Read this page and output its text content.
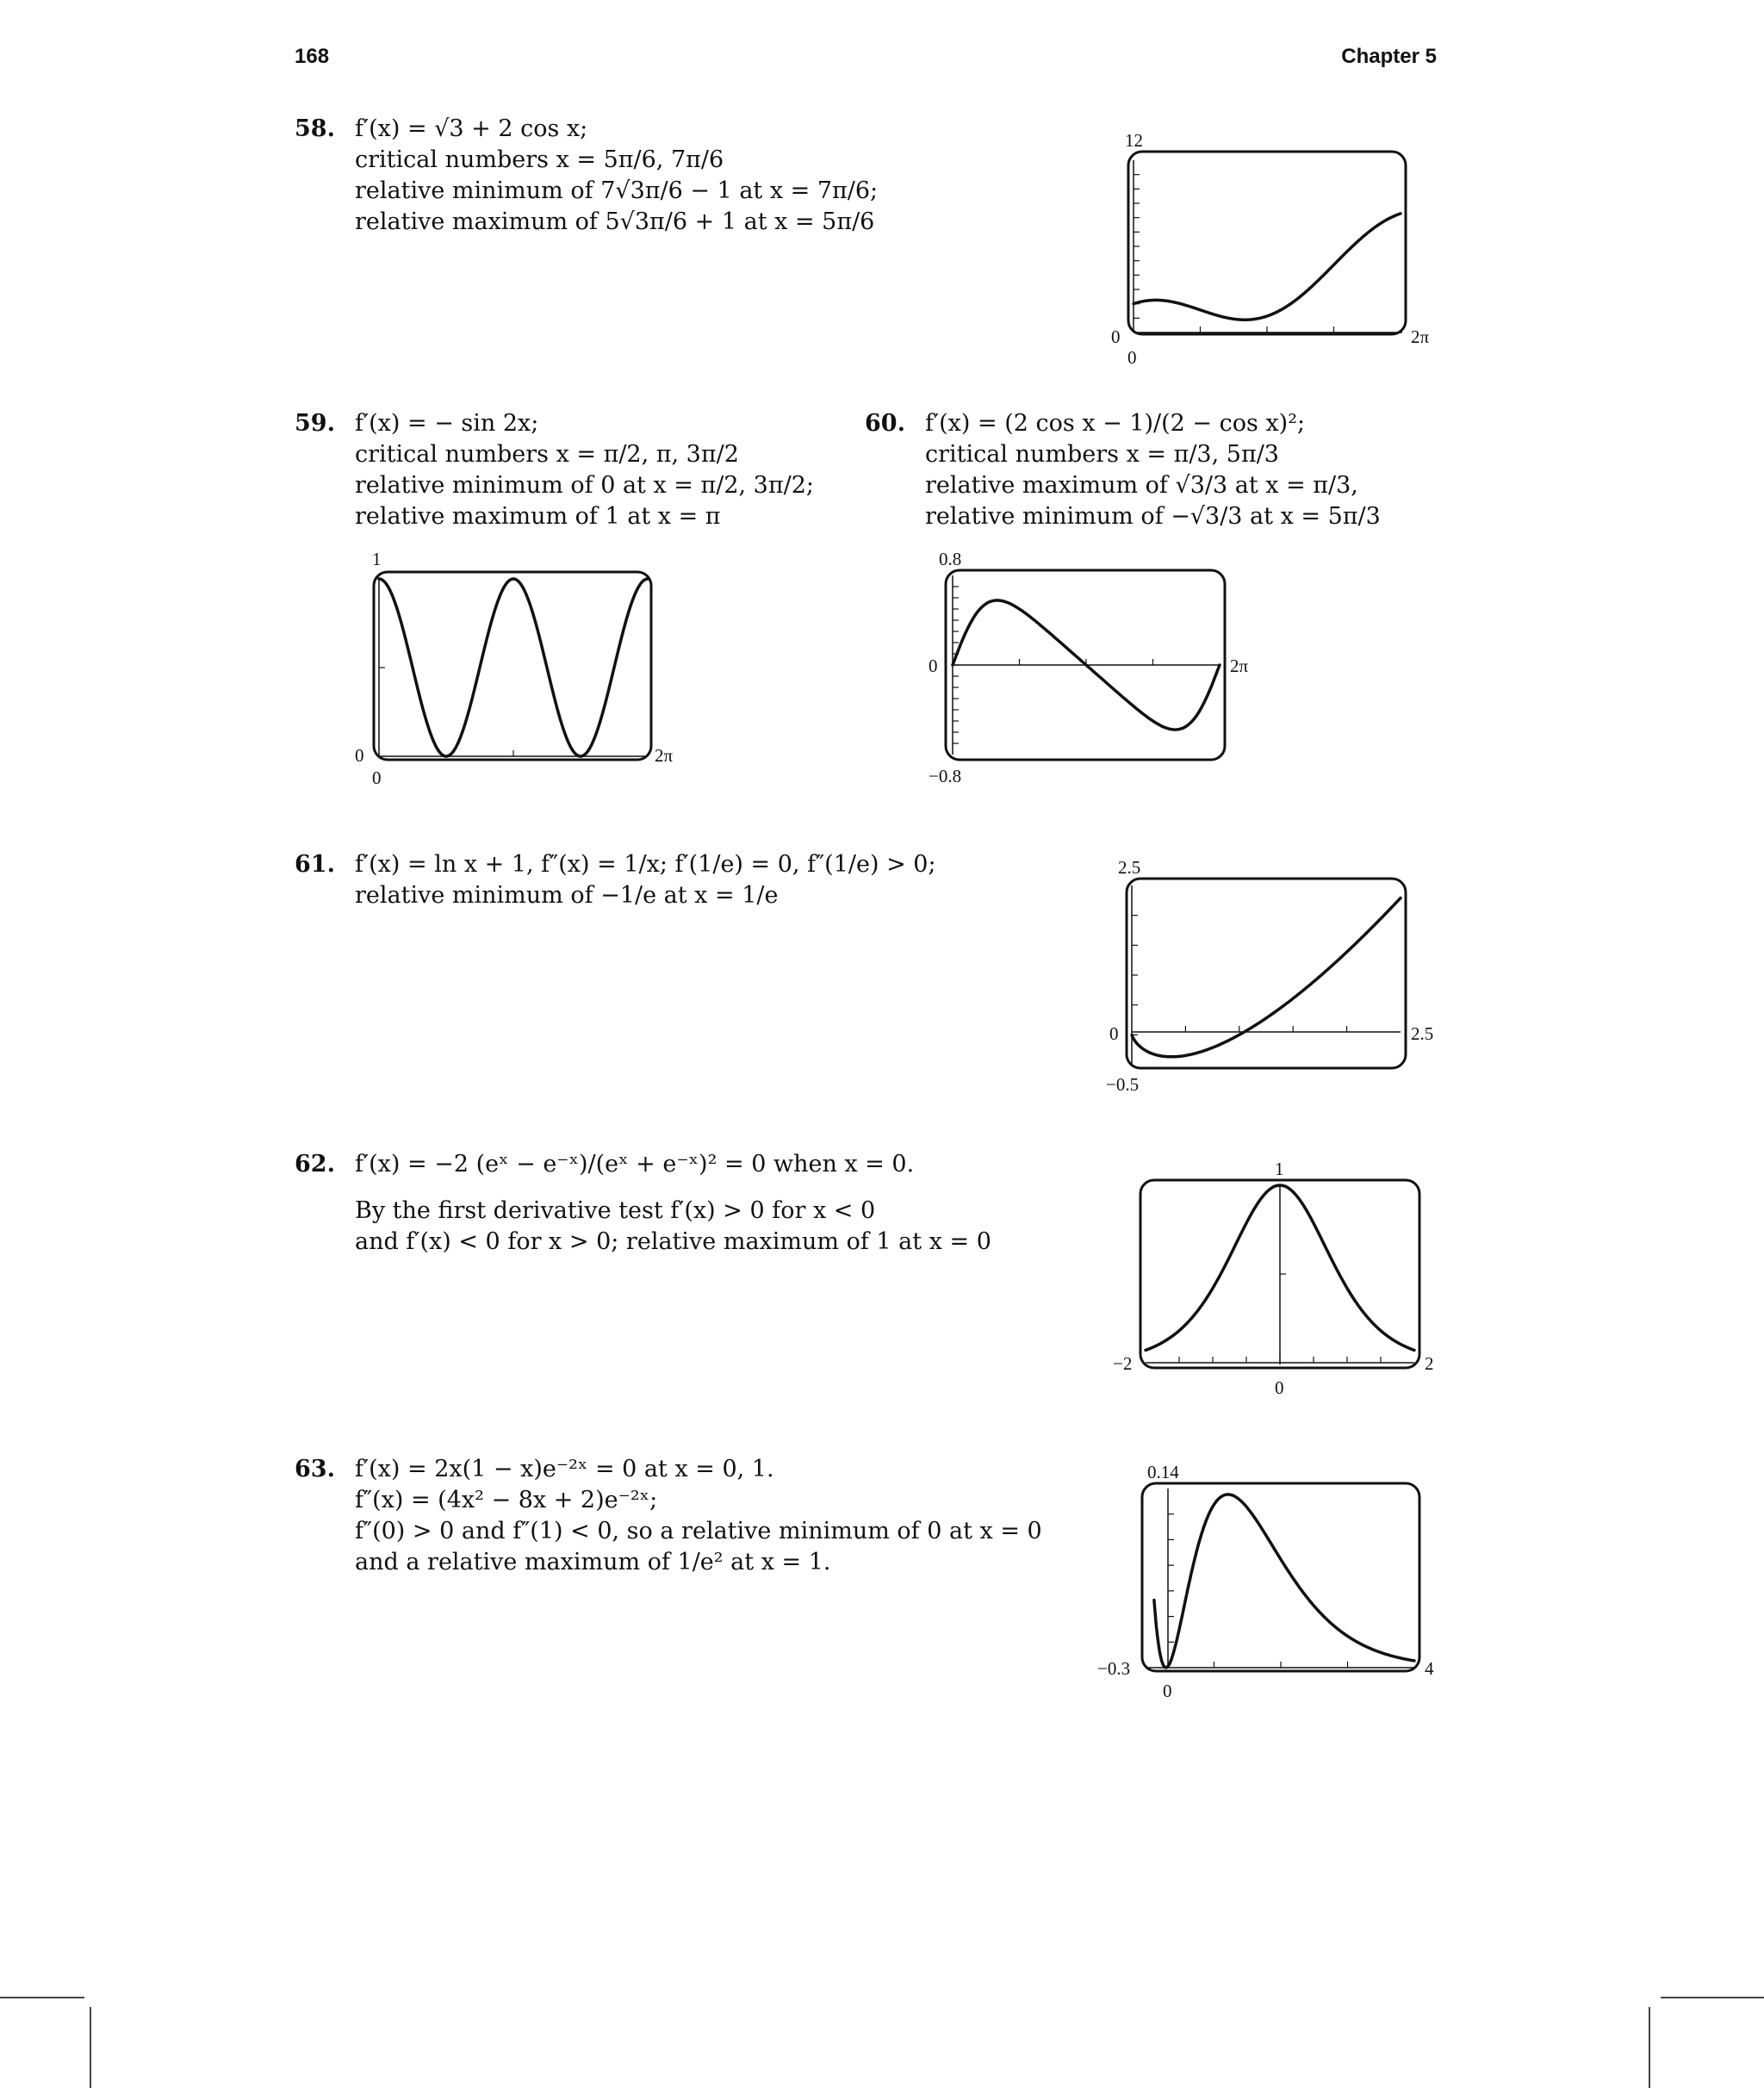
168	Chapter 5
58. f′(x) = √3 + 2 cos x;
critical numbers x = 5π/6, 7π/6
relative minimum of 7√3π/6 − 1 at x = 7π/6;
relative maximum of 5√3π/6 + 1 at x = 5π/6
59. f′(x) = − sin 2x;
critical numbers x = π/2, π, 3π/2
relative minimum of 0 at x = π/2, 3π/2;
relative maximum of 1 at x = π
60. f′(x) = (2 cos x − 1)/(2 − cos x)²;
critical numbers x = π/3, 5π/3
relative maximum of √3/3 at x = π/3,
relative minimum of −√3/3 at x = 5π/3
61. f′(x) = ln x + 1, f″(x) = 1/x; f′(1/e) = 0, f″(1/e) > 0;
relative minimum of −1/e at x = 1/e
62. f′(x) = −2 (eˣ − e⁻ˣ)/(eˣ + e⁻ˣ)² = 0 when x = 0.
By the first derivative test f′(x) > 0 for x < 0
and f′(x) < 0 for x > 0; relative maximum of 1 at x = 0
63. f′(x) = 2x(1 − x)e⁻²ˣ = 0 at x = 0, 1.
f″(x) = (4x² − 8x + 2)e⁻²ˣ;
f″(0) > 0 and f″(1) < 0, so a relative minimum of 0 at x = 0
and a relative maximum of 1/e² at x = 1.
12
0
0
2π
1
0
0
2π
0.8
0
−0.8
2π
2.5
0
−0.5
2.5
1
−2	2
0
0.14
−0.3	4
0
